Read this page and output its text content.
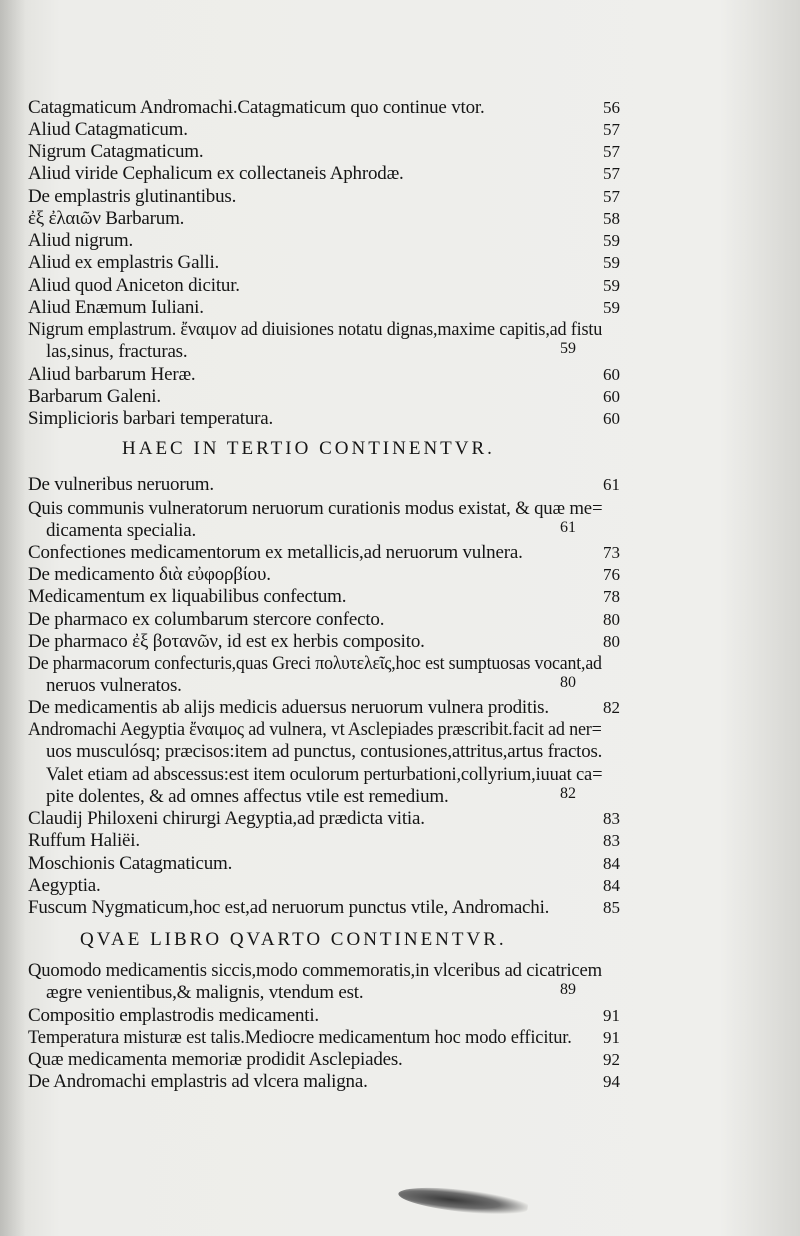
Catagmaticum Andromachi.Catagmaticum quo continue vtor.	56
Aliud Catagmaticum.	57
Nigrum Catagmaticum.	57
Aliud viride Cephalicum ex collectaneis Aphrodæ.	57
De emplastris glutinantibus.	57
ἐξ ἐλαιῶν Barbarum.	58
Aliud nigrum.	59
Aliud ex emplastris Galli.	59
Aliud quod Aniceton dicitur.	59
Aliud Enæmum Iuliani.	59
Nigrum emplastrum. ἔναιμον ad diuisiones notatu dignas,maxime capitis,ad fistu
las,sinus, fracturas.	59
Aliud barbarum Heræ.	60
Barbarum Galeni.	60
Simplicioris barbari temperatura.	60
HAEC IN TERTIO CONTINENTVR.
De vulneribus neruorum.	61
Quis communis vulneratorum neruorum curationis modus existat, & quæ me=
dicamenta specialia.	61
Confectiones medicamentorum ex metallicis,ad neruorum vulnera.	73
De medicamento διὰ εὐφορβίου.	76
Medicamentum ex liquabilibus confectum.	78
De pharmaco ex columbarum stercore confecto.	80
De pharmaco ἐξ βοτανῶν, id est ex herbis composito.	80
De pharmacorum confecturis,quas Greci πολυτελεῖς,hoc est sumptuosas vocant,ad
neruos vulneratos.	80
De medicamentis ab alijs medicis aduersus neruorum vulnera proditis.	82
Andromachi Aegyptia ἔναιμος ad vulnera, vt Asclepiades præscribit.facit ad ner=
uos musculósq; præcisos:item ad punctus, contusiones,attritus,artus fractos.
Valet etiam ad abscessus:est item oculorum perturbationi,collyrium,iuuat ca=
pite dolentes, & ad omnes affectus vtile est remedium.	82
Claudij Philoxeni chirurgi Aegyptia,ad prædicta vitia.	83
Ruffum Haliëi.	83
Moschionis Catagmaticum.	84
Aegyptia.	84
Fuscum Nygmaticum,hoc est,ad neruorum punctus vtile, Andromachi.	85
QVAE LIBRO QVARTO CONTINENTVR.
Quomodo medicamentis siccis,modo commemoratis,in vlceribus ad cicatricem
ægre venientibus,& malignis, vtendum est.	89
Compositio emplastrodis medicamenti.	91
Temperatura misturæ est talis.Mediocre medicamentum hoc modo efficitur.	91
Quæ medicamenta memoriæ prodidit Asclepiades.	92
De Andromachi emplastris ad vlcera maligna.	94
